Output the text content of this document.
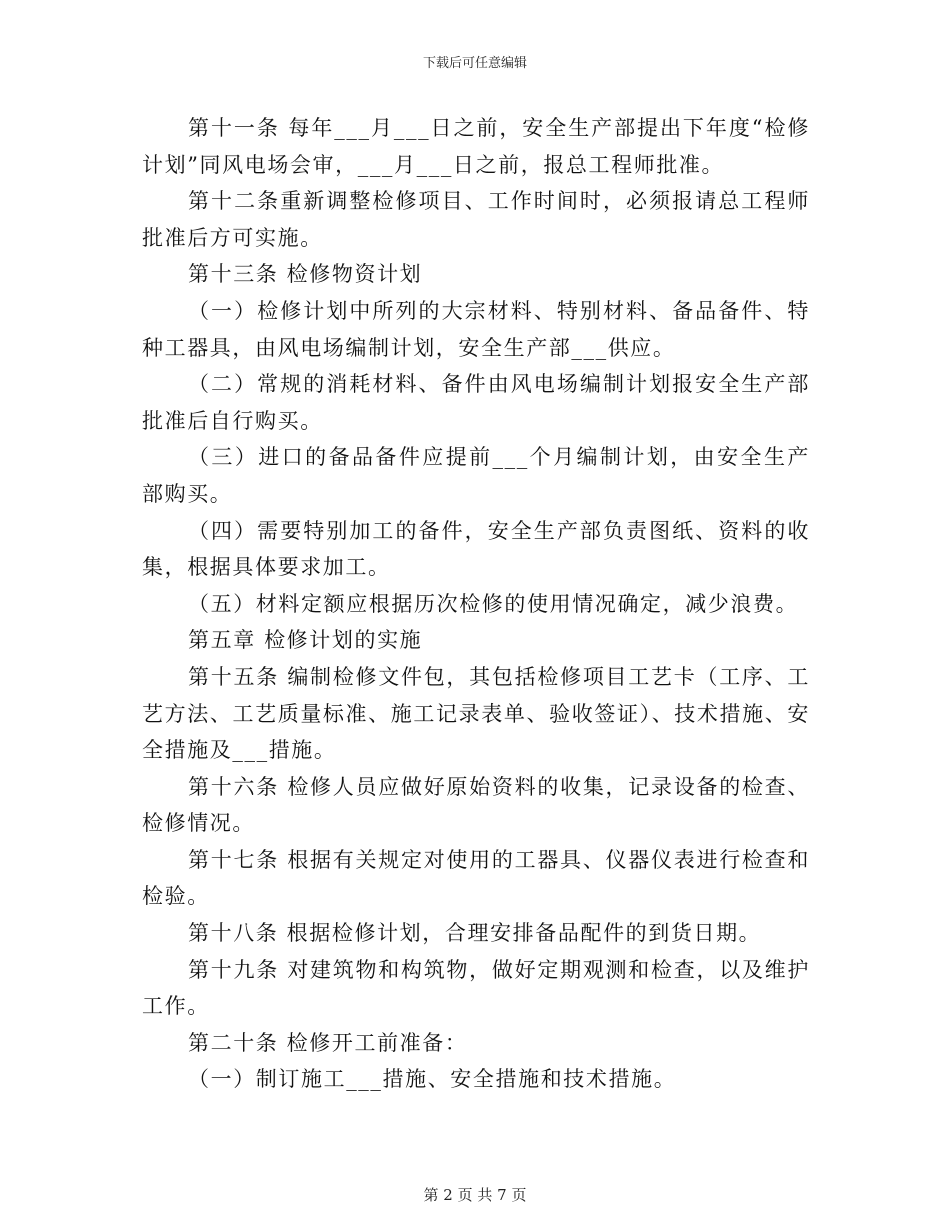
下载后可任意编辑

第十一条 每年___月___日之前，安全生产部提出下年度“检修计划”同风电场会审，___月___日之前，报总工程师批准。

第十二条重新调整检修项目、工作时间时，必须报请总工程师批准后方可实施。

第十三条 检修物资计划

（一）检修计划中所列的大宗材料、特别材料、备品备件、特种工器具，由风电场编制计划，安全生产部___供应。

（二）常规的消耗材料、备件由风电场编制计划报安全生产部批准后自行购买。

（三）进口的备品备件应提前___个月编制计划，由安全生产部购买。

（四）需要特别加工的备件，安全生产部负责图纸、资料的收集，根据具体要求加工。

（五）材料定额应根据历次检修的使用情况确定，减少浪费。

第五章 检修计划的实施

第十五条 编制检修文件包，其包括检修项目工艺卡（工序、工艺方法、工艺质量标准、施工记录表单、验收签证）、技术措施、安全措施及___措施。

第十六条 检修人员应做好原始资料的收集，记录设备的检查、检修情况。

第十七条 根据有关规定对使用的工器具、仪器仪表进行检查和检验。

第十八条 根据检修计划，合理安排备品配件的到货日期。

第十九条 对建筑物和构筑物，做好定期观测和检查，以及维护工作。

第二十条 检修开工前准备：

（一）制订施工___措施、安全措施和技术措施。

第 2 页 共 7 页
